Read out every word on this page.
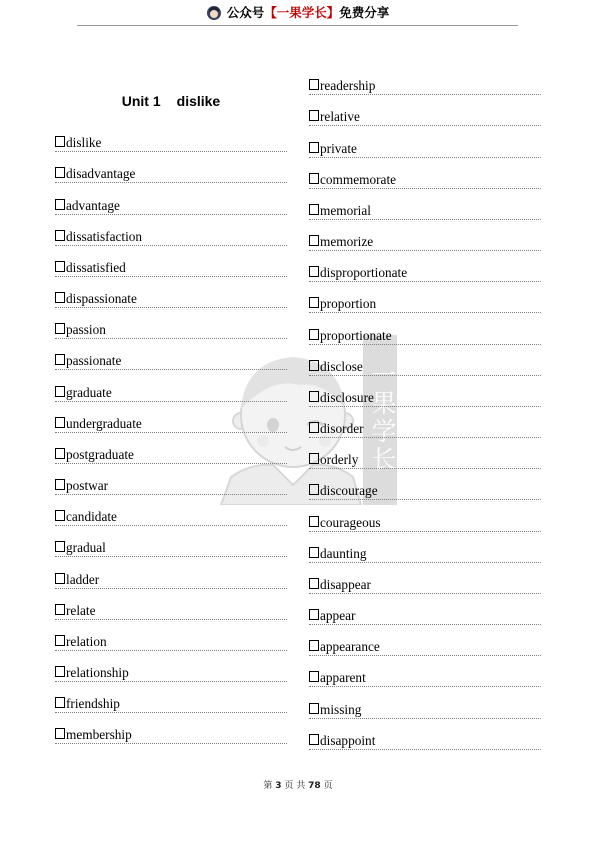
公众号 【一果学长】 免费分享
一果学长
Unit 1 dislike
dislike
disadvantage
advantage
dissatisfaction
dissatisfied
dispassionate
passion
passionate
graduate
undergraduate
postgraduate
postwar
candidate
gradual
ladder
relate
relation
relationship
friendship
membership
readership
relative
private
commemorate
memorial
memorize
disproportionate
proportion
proportionate
disclose
disclosure
disorder
orderly
discourage
courageous
daunting
disappear
appear
appearance
apparent
missing
disappoint
第 3 页 共 78 页
